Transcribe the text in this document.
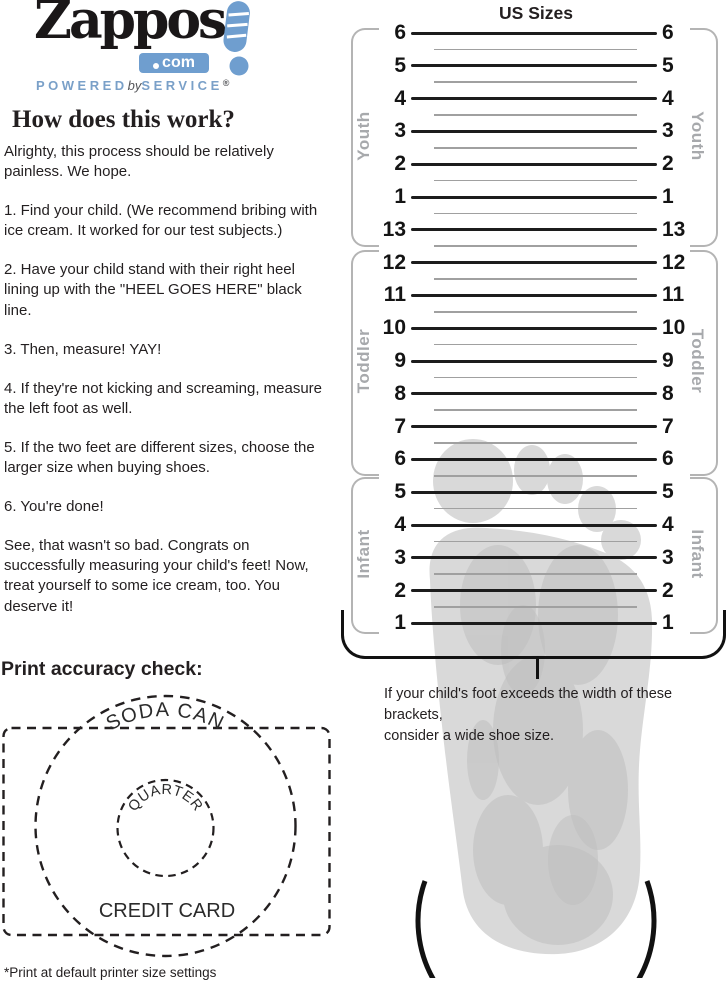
Zappos
com
POWEREDbySERVICE®
How does this work?

Alrighty, this process should be relatively painless. We hope.

1. Find your child. (We recommend bribing with ice cream. It worked for our test subjects.)

2. Have your child stand with their right heel lining up with the "HEEL GOES HERE" black line.

3. Then, measure! YAY!

4. If they're not kicking and screaming, measure the left foot as well.

5. If the two feet are different sizes, choose the larger size when buying shoes.

6. You're done!

See, that wasn't so bad. Congrats on successfully measuring your child's feet! Now, treat yourself to some ice cream, too. You deserve it!

Print accuracy check:
SODA CAN
QUARTER
CREDIT CARD
*Print at default printer size settings
US Sizes
If your child's foot exceeds the width of these brackets,
consider a wide shoe size.
6	6
5	5
4	4
3	3
2	2
1	1
13	13
12	12
11	11
10	10
9	9
8	8
7	7
6	6
5	5
4	4
3	3
2	2
1	1
Youth	Youth
Toddler	Toddler
Infant	Infant
